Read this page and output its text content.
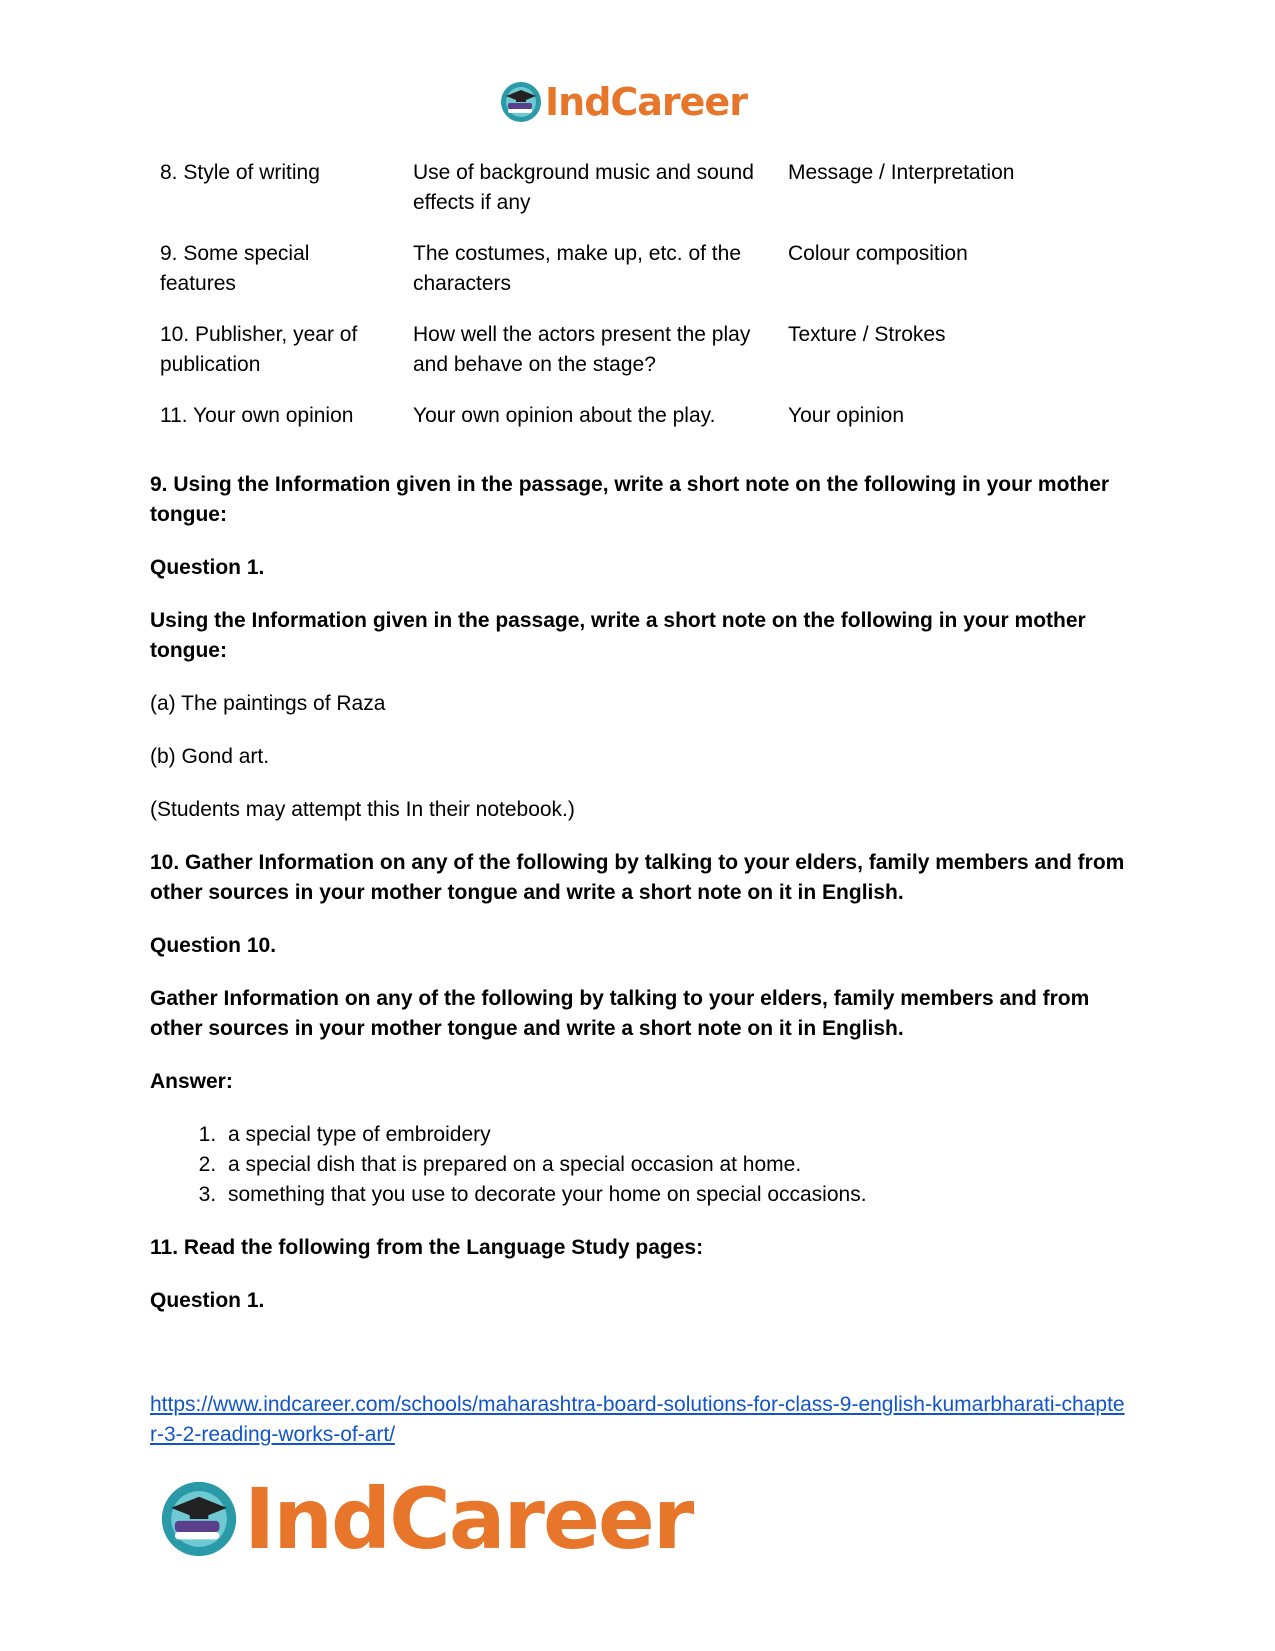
IndCareer
8. Style of writing	Use of background music and sound effects if any	Message / Interpretation
9. Some special features	The costumes, make up, etc. of the characters	Colour composition
10. Publisher, year of publication	How well the actors present the play and behave on the stage?	Texture / Strokes
11. Your own opinion	Your own opinion about the play.	Your opinion

9. Using the Information given in the passage, write a short note on the following in your mother tongue:

Question 1.

Using the Information given in the passage, write a short note on the following in your mother tongue:

(a) The paintings of Raza

(b) Gond art.

(Students may attempt this In their notebook.)

10. Gather Information on any of the following by talking to your elders, family members and from other sources in your mother tongue and write a short note on it in English.

Question 10.

Gather Information on any of the following by talking to your elders, family members and from other sources in your mother tongue and write a short note on it in English.

Answer:

1. a special type of embroidery
2. a special dish that is prepared on a special occasion at home.
3. something that you use to decorate your home on special occasions.

11. Read the following from the Language Study pages:

Question 1.

https://www.indcareer.com/schools/maharashtra-board-solutions-for-class-9-english-kumarbharati-chapter-3-2-reading-works-of-art/
IndCareer
